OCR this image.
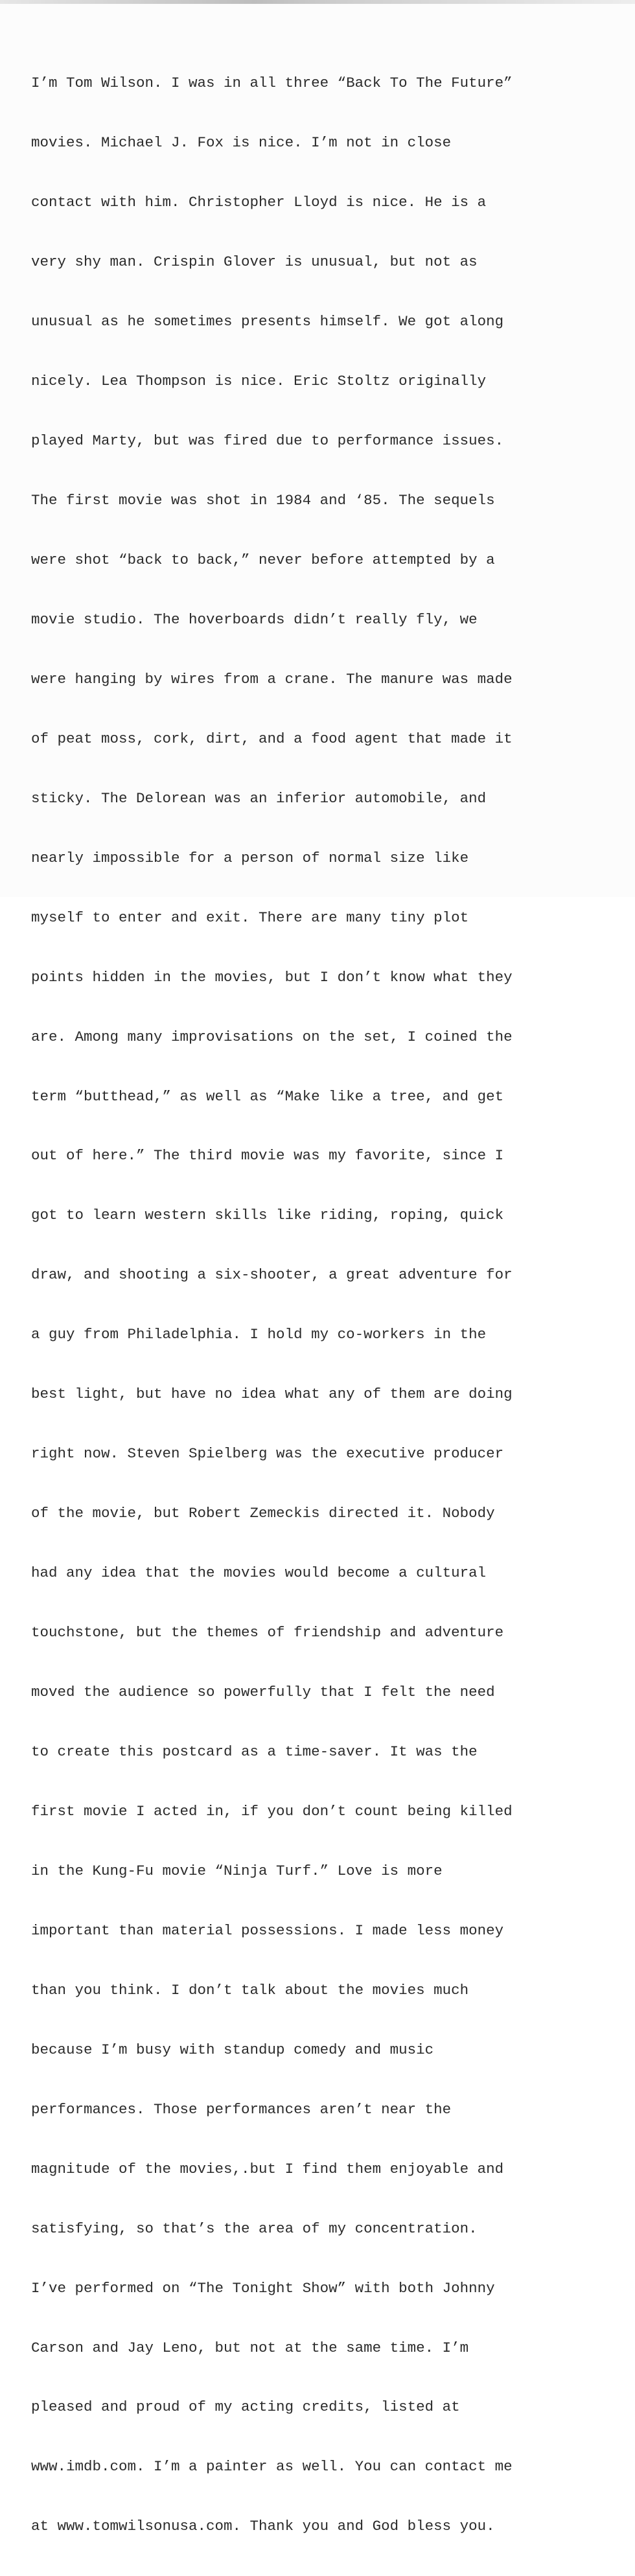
I’m Tom Wilson. I was in all three “Back To The Future”

movies. Michael J. Fox is nice. I’m not in close

contact with him. Christopher Lloyd is nice. He is a

very shy man. Crispin Glover is unusual, but not as

unusual as he sometimes presents himself. We got along

nicely. Lea Thompson is nice. Eric Stoltz originally

played Marty, but was fired due to performance issues.

The first movie was shot in 1984 and ‘85. The sequels

were shot “back to back,” never before attempted by a

movie studio. The hoverboards didn’t really fly, we

were hanging by wires from a crane. The manure was made

of peat moss, cork, dirt, and a food agent that made it

sticky. The Delorean was an inferior automobile, and

nearly impossible for a person of normal size like

myself to enter and exit. There are many tiny plot

points hidden in the movies, but I don’t know what they

are. Among many improvisations on the set, I coined the

term “butthead,” as well as “Make like a tree, and get

out of here.” The third movie was my favorite, since I

got to learn western skills like riding, roping, quick

draw, and shooting a six-shooter, a great adventure for

a guy from Philadelphia. I hold my co-workers in the

best light, but have no idea what any of them are doing

right now. Steven Spielberg was the executive producer

of the movie, but Robert Zemeckis directed it. Nobody

had any idea that the movies would become a cultural

touchstone, but the themes of friendship and adventure

moved the audience so powerfully that I felt the need

to create this postcard as a time-saver. It was the

first movie I acted in, if you don’t count being killed

in the Kung-Fu movie “Ninja Turf.” Love is more

important than material possessions. I made less money

than you think. I don’t talk about the movies much

because I’m busy with standup comedy and music

performances. Those performances aren’t near the

magnitude of the movies,.but I find them enjoyable and

satisfying, so that’s the area of my concentration.

I’ve performed on “The Tonight Show” with both Johnny

Carson and Jay Leno, but not at the same time. I’m

pleased and proud of my acting credits, listed at

www.imdb.com. I’m a painter as well. You can contact me

at www.tomwilsonusa.com. Thank you and God bless you.
